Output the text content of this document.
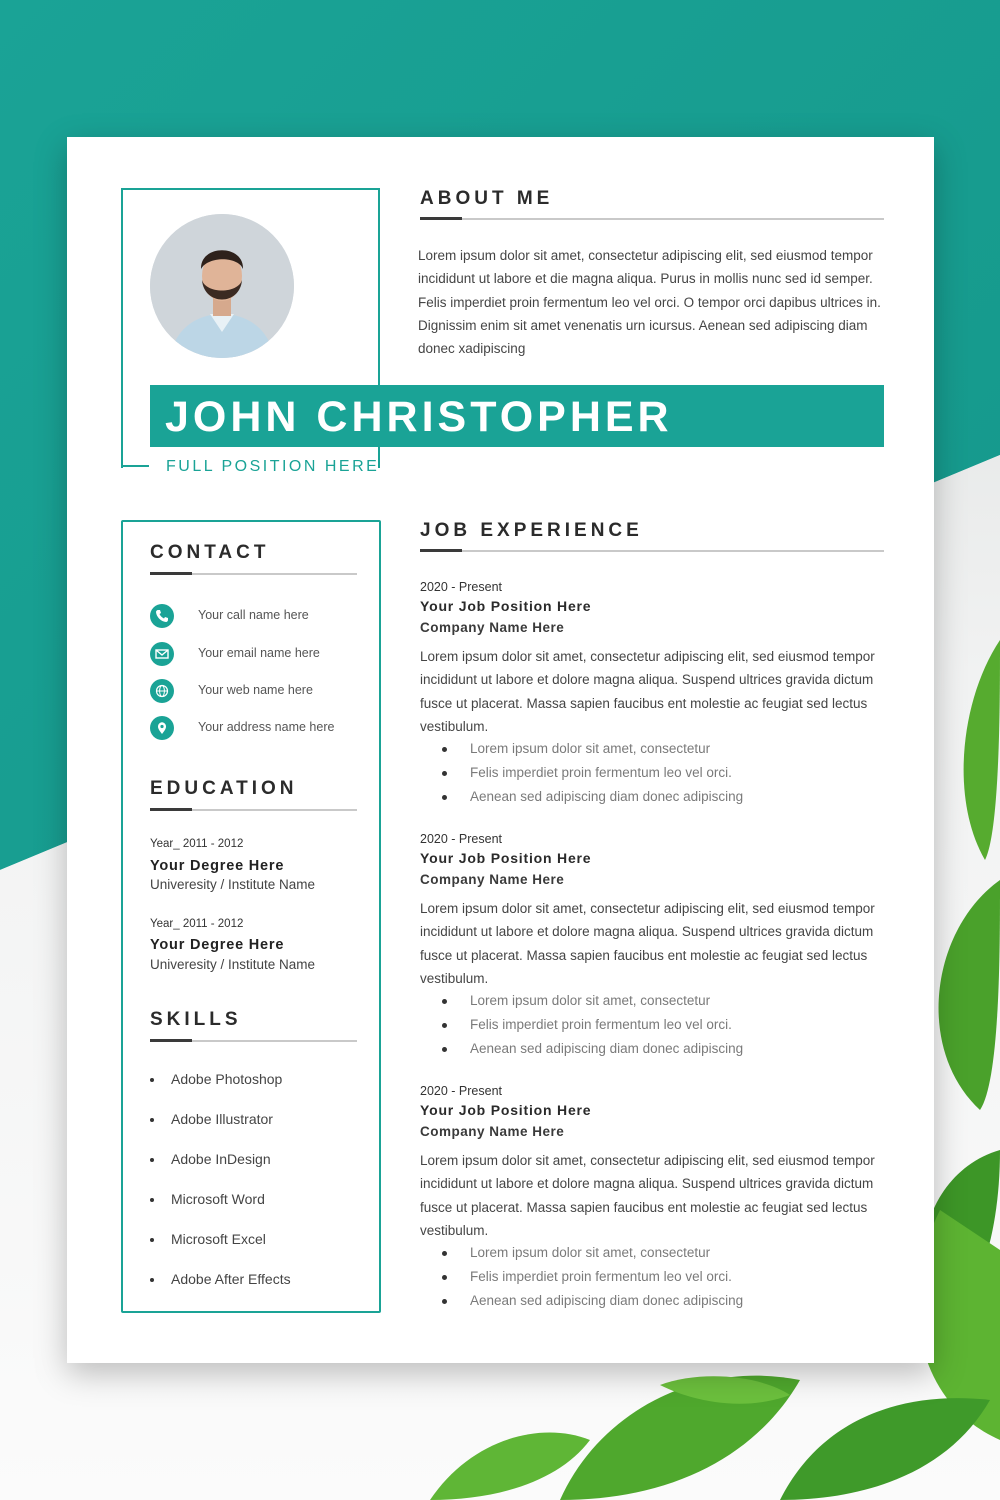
ABOUT ME
Lorem ipsum dolor sit amet, consectetur adipiscing elit, sed eiusmod tempor incididunt ut labore et die magna aliqua. Purus in mollis nunc sed id semper. Felis imperdiet proin fermentum leo vel orci. O tempor orci dapibus ultrices in. Dignissim enim sit amet venenatis urn icursus. Aenean sed adipiscing diam donec xadipiscing
JOHN CHRISTOPHER
FULL POSITION HERE
CONTACT
Your call name here
Your email name here
Your web name here
Your address name here
EDUCATION
Year_ 2011 - 2012
Your Degree Here
Univeresity / Institute Name
Year_ 2011 - 2012
Your Degree Here
Univeresity / Institute Name
SKILLS
Adobe Photoshop
Adobe Illustrator
Adobe InDesign
Microsoft Word
Microsoft Excel
Adobe After Effects
JOB EXPERIENCE
2020 - Present
Your Job Position Here
Company Name Here
Lorem ipsum dolor sit amet, consectetur adipiscing elit, sed eiusmod tempor incididunt ut labore et dolore magna aliqua. Suspend ultrices gravida dictum fusce ut placerat. Massa sapien faucibus ent molestie ac feugiat sed lectus vestibulum.
Lorem ipsum dolor sit amet, consectetur
Felis imperdiet proin fermentum leo vel orci.
Aenean sed adipiscing diam donec adipiscing
2020 - Present
Your Job Position Here
Company Name Here
Lorem ipsum dolor sit amet, consectetur adipiscing elit, sed eiusmod tempor incididunt ut labore et dolore magna aliqua. Suspend ultrices gravida dictum fusce ut placerat. Massa sapien faucibus ent molestie ac feugiat sed lectus vestibulum.
Lorem ipsum dolor sit amet, consectetur
Felis imperdiet proin fermentum leo vel orci.
Aenean sed adipiscing diam donec adipiscing
2020 - Present
Your Job Position Here
Company Name Here
Lorem ipsum dolor sit amet, consectetur adipiscing elit, sed eiusmod tempor incididunt ut labore et dolore magna aliqua. Suspend ultrices gravida dictum fusce ut placerat. Massa sapien faucibus ent molestie ac feugiat sed lectus vestibulum.
Lorem ipsum dolor sit amet, consectetur
Felis imperdiet proin fermentum leo vel orci.
Aenean sed adipiscing diam donec adipiscing
